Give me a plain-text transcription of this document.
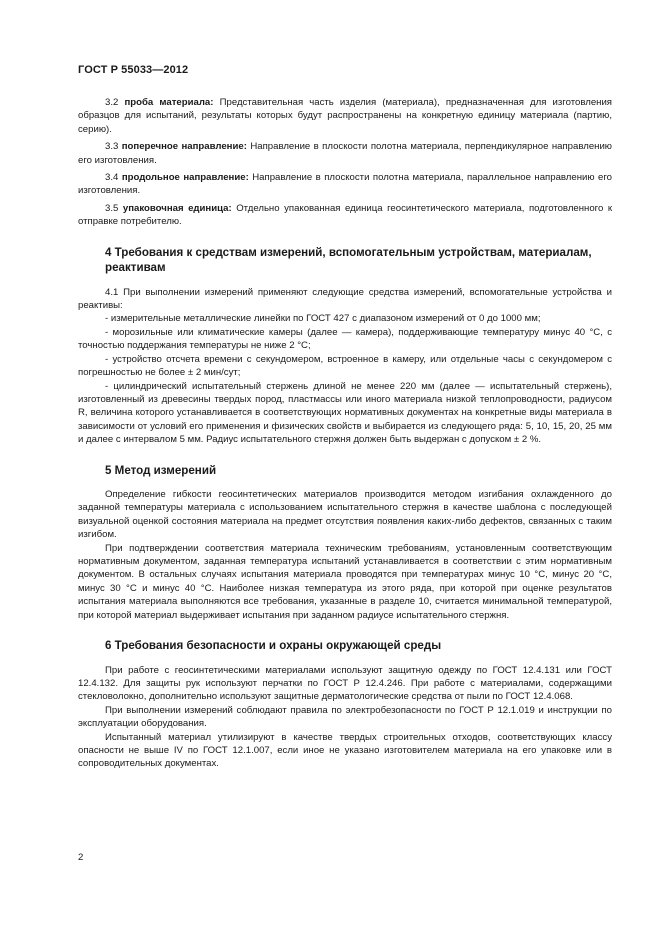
ГОСТ Р 55033—2012

3.2 проба материала: Представительная часть изделия (материала), предназначенная для изготовления образцов для испытаний, результаты которых будут распространены на конкретную единицу материала (партию, серию).

3.3 поперечное направление: Направление в плоскости полотна материала, перпендикулярное направлению его изготовления.

3.4 продольное направление: Направление в плоскости полотна материала, параллельное направлению его изготовления.

3.5 упаковочная единица: Отдельно упакованная единица геосинтетического материала, подготовленного к отправке потребителю.

4 Требования к средствам измерений, вспомогательным устройствам, материалам, реактивам

4.1 При выполнении измерений применяют следующие средства измерений, вспомогательные устройства и реактивы:

- измерительные металлические линейки по ГОСТ 427 с диапазоном измерений от 0 до 1000 мм;

- морозильные или климатические камеры (далее — камера), поддерживающие температуру минус 40 °С, с точностью поддержания температуры не ниже 2 °С;

- устройство отсчета времени с секундомером, встроенное в камеру, или отдельные часы с секундомером с погрешностью не более ± 2 мин/сут;

- цилиндрический испытательный стержень длиной не менее 220 мм (далее — испытательный стержень), изготовленный из древесины твердых пород, пластмассы или иного материала низкой теплопроводности, радиусом R, величина которого устанавливается в соответствующих нормативных документах на конкретные виды материала в зависимости от условий его применения и физических свойств и выбирается из следующего ряда: 5, 10, 15, 20, 25 мм и далее с интервалом 5 мм. Радиус испытательного стержня должен быть выдержан с допуском ± 2 %.

5 Метод измерений

Определение гибкости геосинтетических материалов производится методом изгибания охлажденного до заданной температуры материала с использованием испытательного стержня в качестве шаблона с последующей визуальной оценкой состояния материала на предмет отсутствия появления каких-либо дефектов, связанных с таким изгибом.

При подтверждении соответствия материала техническим требованиям, установленным соответствующим нормативным документом, заданная температура испытаний устанавливается в соответствии с этим нормативным документом. В остальных случаях испытания материала проводятся при температурах минус 10 °С, минус 20 °С, минус 30 °С и минус 40 °С. Наиболее низкая температура из этого ряда, при которой при оценке результатов испытания материала выполняются все требования, указанные в разделе 10, считается минимальной температурой, при которой материал выдерживает испытания при заданном радиусе испытательного стержня.

6 Требования безопасности и охраны окружающей среды

При работе с геосинтетическими материалами используют защитную одежду по ГОСТ 12.4.131 или ГОСТ 12.4.132. Для защиты рук используют перчатки по ГОСТ Р 12.4.246. При работе с материалами, содержащими стекловолокно, дополнительно используют защитные дерматологические средства от пыли по ГОСТ 12.4.068.

При выполнении измерений соблюдают правила по электробезопасности по ГОСТ Р 12.1.019 и инструкции по эксплуатации оборудования.

Испытанный материал утилизируют в качестве твердых строительных отходов, соответствующих классу опасности не выше IV по ГОСТ 12.1.007, если иное не указано изготовителем материала на его упаковке или в сопроводительных документах.

2
